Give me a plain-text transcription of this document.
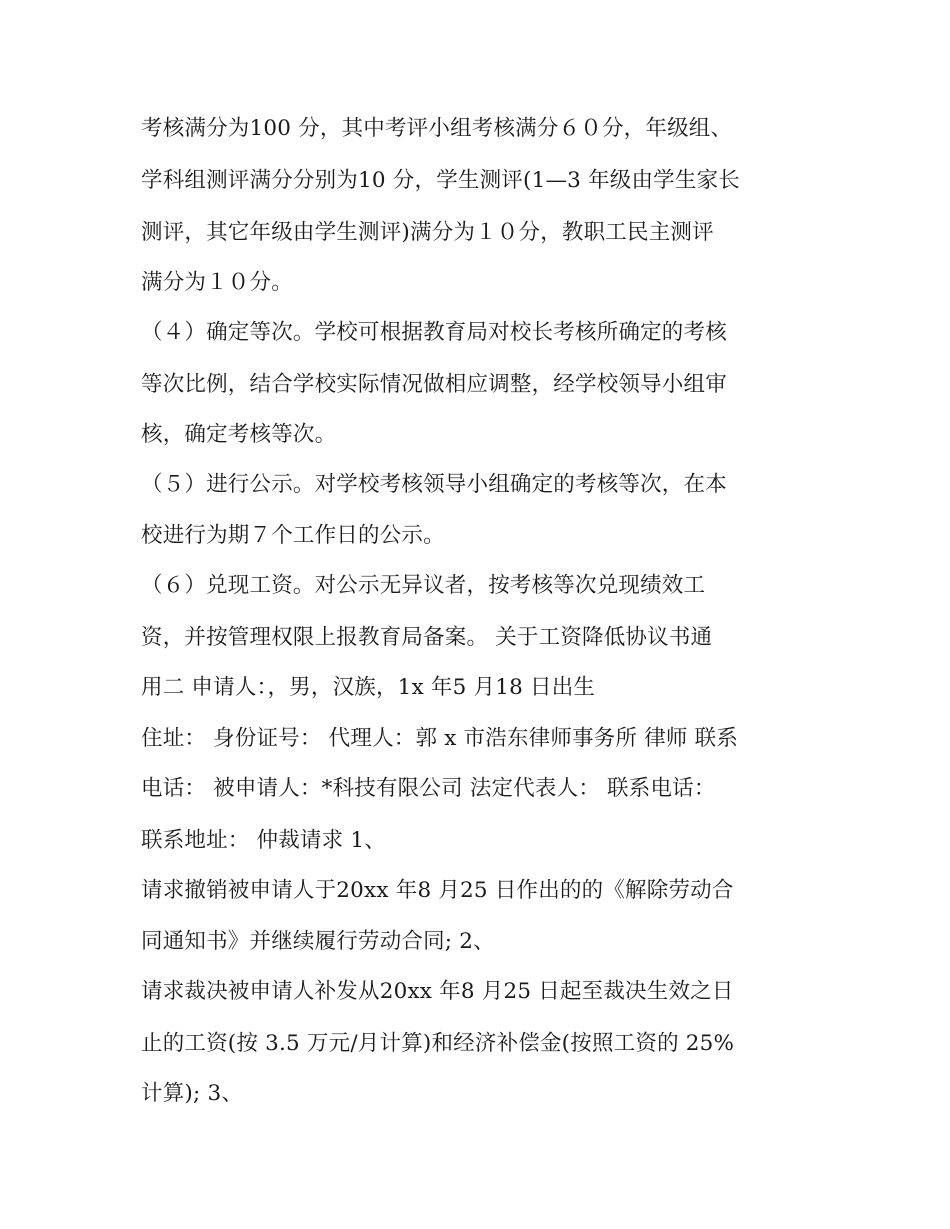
考核满分为100 分，其中考评小组考核满分６０分，年级组、
学科组测评满分分别为10 分，学生测评(1—3 年级由学生家长
测评，其它年级由学生测评)满分为１０分，教职工民主测评
满分为１０分。
（４）确定等次。学校可根据教育局对校长考核所确定的考核
等次比例，结合学校实际情况做相应调整，经学校领导小组审
核，确定考核等次。
（５）进行公示。对学校考核领导小组确定的考核等次，在本
校进行为期７个工作日的公示。
（６）兑现工资。对公示无异议者，按考核等次兑现绩效工
资，并按管理权限上报教育局备案。 关于工资降低协议书通
用二 申请人：，男，汉族，1x 年5 月18 日出生
住址： 身份证号： 代理人：郭 x 市浩东律师事务所 律师 联系
电话： 被申请人：*科技有限公司 法定代表人： 联系电话：
联系地址： 仲裁请求 1、
请求撤销被申请人于20xx 年8 月25 日作出的的《解除劳动合
同通知书》并继续履行劳动合同; 2、
请求裁决被申请人补发从20xx 年8 月25 日起至裁决生效之日
止的工资(按 3.5 万元/月计算)和经济补偿金(按照工资的 25%
计算); 3、
